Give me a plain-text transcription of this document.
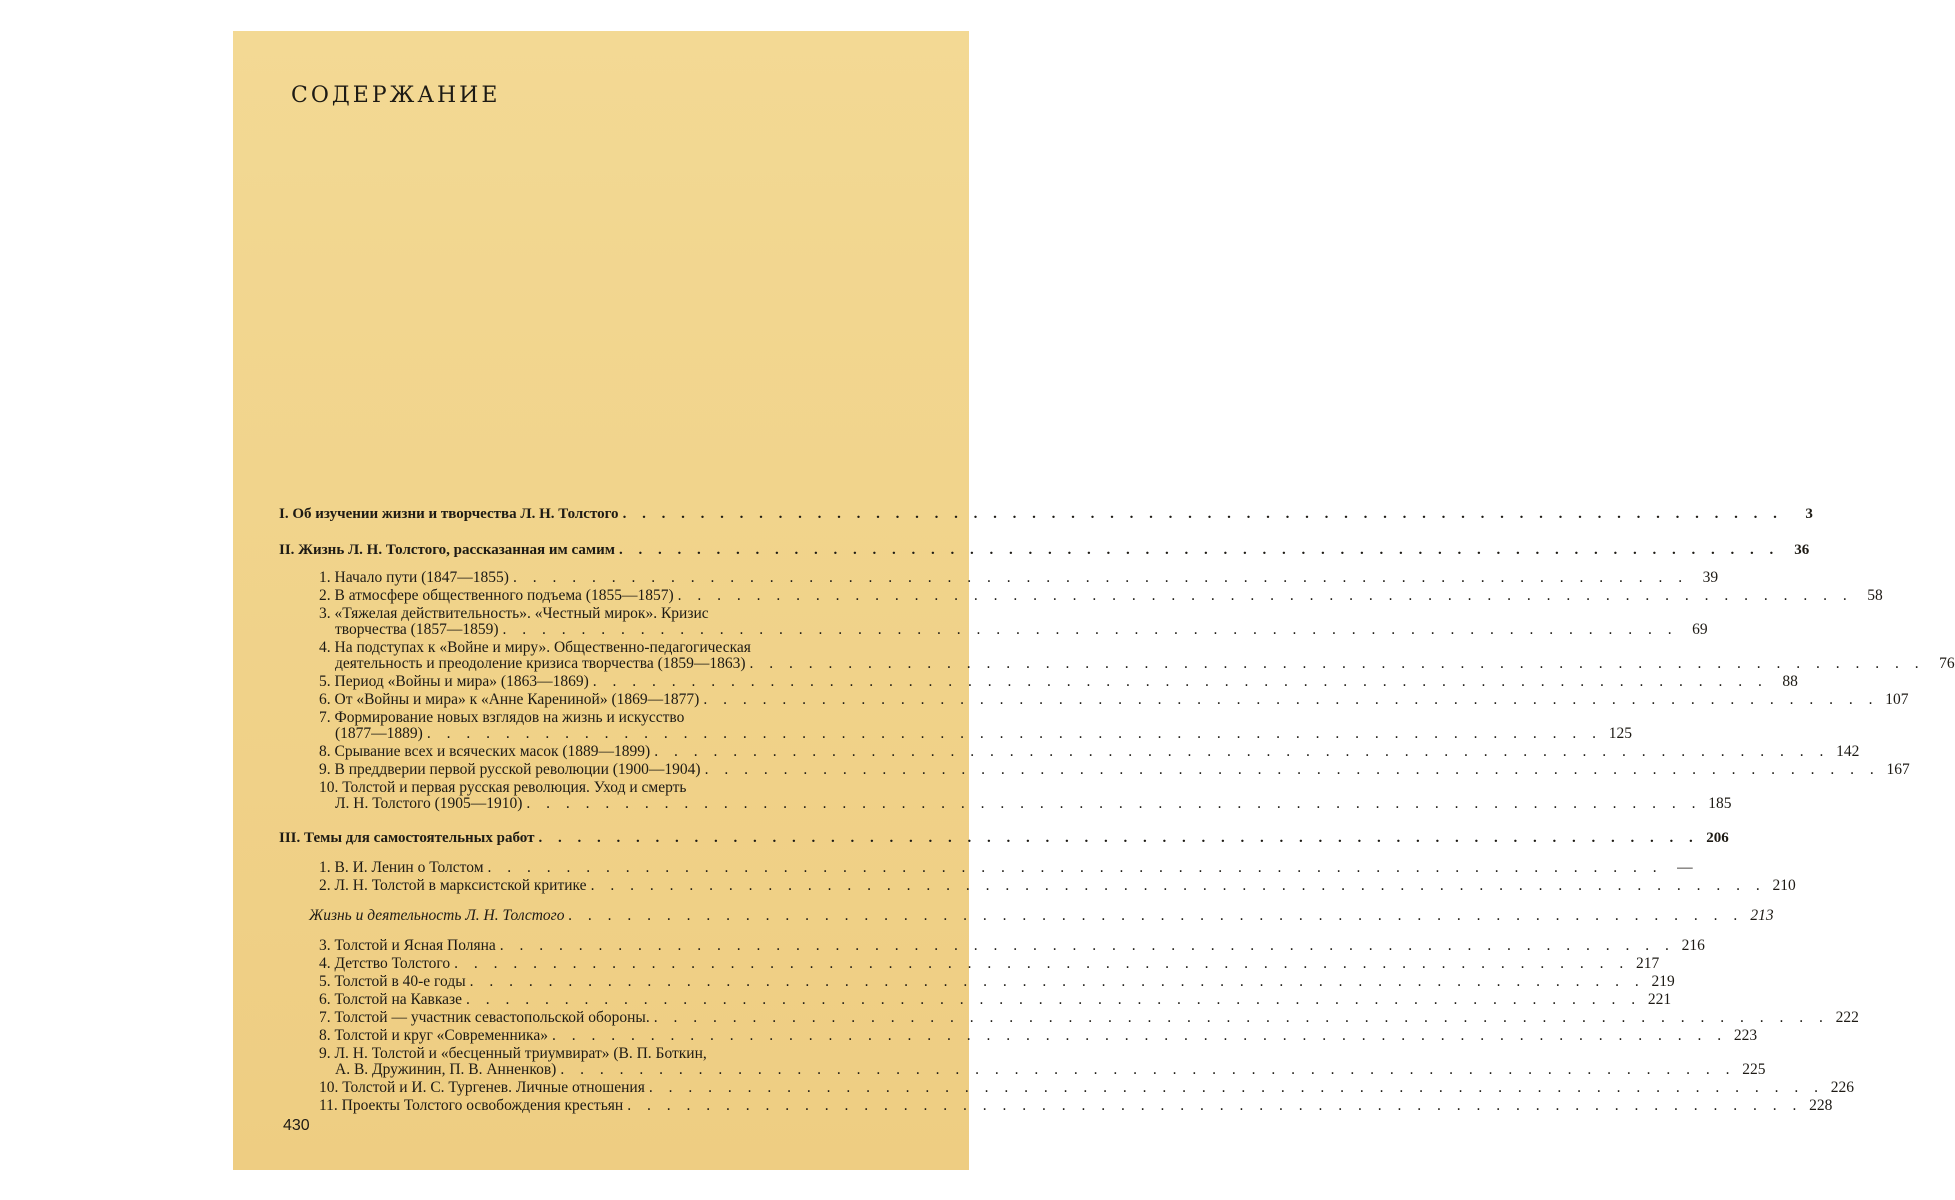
СОДЕРЖАНИЕ
I. Об изучении жизни и творчества Л. Н. Толстого . . . . . . . . . . . . . . . . . . . . . . . . . . . . . . . . . . . . . . . . . . . . . . . . . . . . . . . . . . . .	3
II. Жизнь Л. Н. Толстого, рассказанная им самим . . . . . . . . . . . . . . . . . . . . . . . . . . . . . . . . . . . . . . . . . . . . . . . . . . . . . . . . . . . .	36
1. Начало пути (1847—1855) . . . . . . . . . . . . . . . . . . . . . . . . . . . . . . . . . . . . . . . . . . . . . . . . . . . . . . . . . . . . 39
2. В атмосфере общественного подъема (1855—1857) . . . . . . . . . . . . . . . . . . . . . . . . . . . . . . . . . . . . . . . . . . . . . . . . . . . . . . . . . . . . 58
3. «Тяжелая действительность». «Честный мирок». Кризис
творчества (1857—1859) . . . . . . . . . . . . . . . . . . . . . . . . . . . . . . . . . . . . . . . . . . . . . . . . . . . . . . . . . . . . 69
4. На подступах к «Войне и миру». Общественно-педагогическая
деятельность и преодоление кризиса творчества (1859—1863) . . . . . . . . . . . . . . . . . . . . . . . . . . . . . . . . . . . . . . . . . . . . . . . . . . . . . . . . . . . . 76
5. Период «Войны и мира» (1863—1869) . . . . . . . . . . . . . . . . . . . . . . . . . . . . . . . . . . . . . . . . . . . . . . . . . . . . . . . . . . . . 88
6. От «Войны и мира» к «Анне Карениной» (1869—1877) . . . . . . . . . . . . . . . . . . . . . . . . . . . . . . . . . . . . . . . . . . . . . . . . . . . . . . . . . . . . 107
7. Формирование новых взглядов на жизнь и искусство
(1877—1889) . . . . . . . . . . . . . . . . . . . . . . . . . . . . . . . . . . . . . . . . . . . . . . . . . . . . . . . . . . . . 125
8. Срывание всех и всяческих масок (1889—1899) . . . . . . . . . . . . . . . . . . . . . . . . . . . . . . . . . . . . . . . . . . . . . . . . . . . . . . . . . . . . 142
9. В преддверии первой русской революции (1900—1904) . . . . . . . . . . . . . . . . . . . . . . . . . . . . . . . . . . . . . . . . . . . . . . . . . . . . . . . . . . . . 167
10. Толстой и первая русская революция. Уход и смерть
Л. Н. Толстого (1905—1910) . . . . . . . . . . . . . . . . . . . . . . . . . . . . . . . . . . . . . . . . . . . . . . . . . . . . . . . . . . . . 185
III. Темы для самостоятельных работ . . . . . . . . . . . . . . . . . . . . . . . . . . . . . . . . . . . . . . . . . . . . . . . . . . . . . . . . . . . . 206
1. В. И. Ленин о Толстом . . . . . . . . . . . . . . . . . . . . . . . . . . . . . . . . . . . . . . . . . . . . . . . . . . . . . . . . . . . . —
2. Л. Н. Толстой в марксистской критике . . . . . . . . . . . . . . . . . . . . . . . . . . . . . . . . . . . . . . . . . . . . . . . . . . . . . . . . . . . . 210
Жизнь и деятельность Л. Н. Толстого . . . . . . . . . . . . . . . . . . . . . . . . . . . . . . . . . . . . . . . . . . . . . . . . . . . . . . . . . . . . 213
3. Толстой и Ясная Поляна . . . . . . . . . . . . . . . . . . . . . . . . . . . . . . . . . . . . . . . . . . . . . . . . . . . . . . . . . . . . 216
4. Детство Толстого . . . . . . . . . . . . . . . . . . . . . . . . . . . . . . . . . . . . . . . . . . . . . . . . . . . . . . . . . . . . 217
5. Толстой в 40-е годы . . . . . . . . . . . . . . . . . . . . . . . . . . . . . . . . . . . . . . . . . . . . . . . . . . . . . . . . . . . . 219
6. Толстой на Кавказе . . . . . . . . . . . . . . . . . . . . . . . . . . . . . . . . . . . . . . . . . . . . . . . . . . . . . . . . . . . . 221
7. Толстой — участник севастопольской обороны. . . . . . . . . . . . . . . . . . . . . . . . . . . . . . . . . . . . . . . . . . . . . . . . . . . . . . . . . . . . . 222
8. Толстой и круг «Современника» . . . . . . . . . . . . . . . . . . . . . . . . . . . . . . . . . . . . . . . . . . . . . . . . . . . . . . . . . . . . 223
9. Л. Н. Толстой и «бесценный триумвират» (В. П. Боткин,
А. В. Дружинин, П. В. Анненков) . . . . . . . . . . . . . . . . . . . . . . . . . . . . . . . . . . . . . . . . . . . . . . . . . . . . . . . . . . . . 225
10. Толстой и И. С. Тургенев. Личные отношения . . . . . . . . . . . . . . . . . . . . . . . . . . . . . . . . . . . . . . . . . . . . . . . . . . . . . . . . . . . . 226
11. Проекты Толстого освобождения крестьян . . . . . . . . . . . . . . . . . . . . . . . . . . . . . . . . . . . . . . . . . . . . . . . . . . . . . . . . . . . . 228
430
